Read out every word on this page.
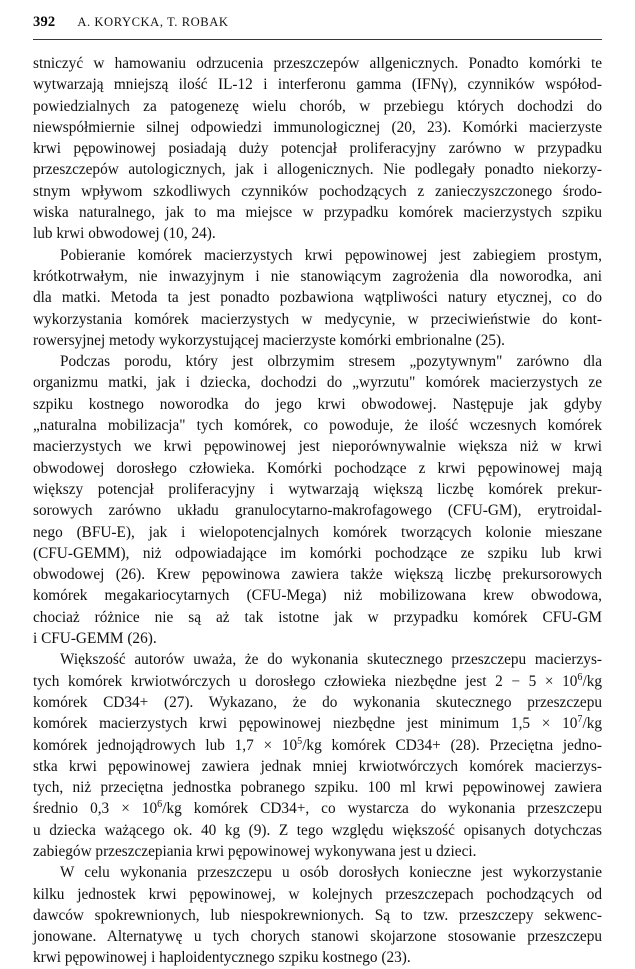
392 A. KORYCKA, T. ROBAK

stniczyć w hamowaniu odrzucenia przeszczepów allgenicznych. Ponadto komórki te
wytwarzają mniejszą ilość IL-12 i interferonu gamma (IFNγ), czynników współod-
powiedzialnych za patogenezę wielu chorób, w przebiegu których dochodzi do
niewspółmiernie silnej odpowiedzi immunologicznej (20, 23). Komórki macierzyste
krwi pępowinowej posiadają duży potencjał proliferacyjny zarówno w przypadku
przeszczepów autologicznych, jak i allogenicznych. Nie podlegały ponadto niekorzy-
stnym wpływom szkodliwych czynników pochodzących z zanieczyszczonego środo-
wiska naturalnego, jak to ma miejsce w przypadku komórek macierzystych szpiku
lub krwi obwodowej (10, 24).

Pobieranie komórek macierzystych krwi pępowinowej jest zabiegiem prostym,
krótkotrwałym, nie inwazyjnym i nie stanowiącym zagrożenia dla noworodka, ani
dla matki. Metoda ta jest ponadto pozbawiona wątpliwości natury etycznej, co do
wykorzystania komórek macierzystych w medycynie, w przeciwieństwie do kont-
rowersyjnej metody wykorzystującej macierzyste komórki embrionalne (25).

Podczas porodu, który jest olbrzymim stresem „pozytywnym" zarówno dla
organizmu matki, jak i dziecka, dochodzi do „wyrzutu" komórek macierzystych ze
szpiku kostnego noworodka do jego krwi obwodowej. Następuje jak gdyby
„naturalna mobilizacja" tych komórek, co powoduje, że ilość wczesnych komórek
macierzystych we krwi pępowinowej jest nieporównywalnie większa niż w krwi
obwodowej dorosłego człowieka. Komórki pochodzące z krwi pępowinowej mają
większy potencjał proliferacyjny i wytwarzają większą liczbę komórek prekur-
sorowych zarówno układu granulocytarno-makrofagowego (CFU-GM), erytroidal-
nego (BFU-E), jak i wielopotencjalnych komórek tworzących kolonie mieszane
(CFU-GEMM), niż odpowiadające im komórki pochodzące ze szpiku lub krwi
obwodowej (26). Krew pępowinowa zawiera także większą liczbę prekursorowych
komórek megakariocytarnych (CFU-Mega) niż mobilizowana krew obwodowa,
chociaż różnice nie są aż tak istotne jak w przypadku komórek CFU-GM
i CFU-GEMM (26).

Większość autorów uważa, że do wykonania skutecznego przeszczepu macierzys-
tych komórek krwiotwórczych u dorosłego człowieka niezbędne jest $2 - 5 \times 10^6/kg$
komórek CD34+ (27). Wykazano, że do wykonania skutecznego przeszczepu
komórek macierzystych krwi pępowinowej niezbędne jest minimum $1,5 \times 10^7/kg$
komórek jednojądrowych lub $1,7 \times 10^5/kg$ komórek CD34+ (28). Przeciętna jedno-
stka krwi pępowinowej zawiera jednak mniej krwiotwórczych komórek macierzys-
tych, niż przeciętna jednostka pobranego szpiku. 100 ml krwi pępowinowej zawiera
średnio $0,3 \times 10^6/kg$ komórek CD34+, co wystarcza do wykonania przeszczepu
u dziecka ważącego ok. 40 kg (9). Z tego względu większość opisanych dotychczas
zabiegów przeszczepiania krwi pępowinowej wykonywana jest u dzieci.

W celu wykonania przeszczepu u osób dorosłych konieczne jest wykorzystanie
kilku jednostek krwi pępowinowej, w kolejnych przeszczepach pochodzących od
dawców spokrewnionych, lub niespokrewnionych. Są to tzw. przeszczepy sekwenc-
jonowane. Alternatywę u tych chorych stanowi skojarzone stosowanie przeszczepu
krwi pępowinowej i haploidentycznego szpiku kostnego (23).
